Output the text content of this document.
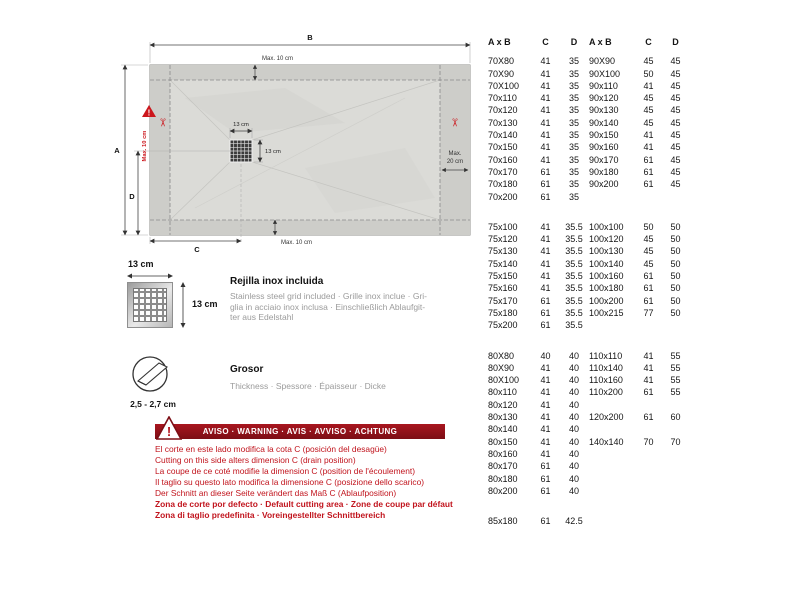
13 cm
13 cm
B
Max. 10 cm
A
D
C
Max. 10 cm
Max.
20 cm
!
Max. 10 cm
✂	✂
13 cm
13 cm
Rejilla inox incluida
Stainless steel grid included · Grille inox inclue · Gri-
glia in acciaio inox inclusa · Einschließlich Ablaufgit-
ter aus Edelstahl
2,5 - 2,7 cm
Grosor
Thickness · Spessore · Épaisseur · Dicke
AVISO · WARNING · AVIS · AVVISO · ACHTUNG
!
El corte en este lado modifica la cota C (posición del desagüe)
Cutting on this side alters dimension C (drain position)
La coupe de ce coté modifie la dimension C (position de l'écoulement)
Il taglio su questo lato modifica la dimensione C (posizione dello scarico)
Der Schnitt an dieser Seite verändert das Maß C (Ablaufposition)
Zona de corte por defecto · Default cutting area · Zone de coupe par défaut
Zona di taglio predefinita · Voreingestellter Schnittbereich
A x B	C	D	A x B	C	D
70X80	41	35	90X90	45	45
70X90	41	35	90X100	50	45
70X100	41	35	90x110	41	45
70x110	41	35	90x120	45	45
70x120	41	35	90x130	45	45
70x130	41	35	90x140	45	45
70x140	41	35	90x150	41	45
70x150	41	35	90x160	41	45
70x160	41	35	90x170	61	45
70x170	61	35	90x180	61	45
70x180	61	35	90x200	61	45
70x200	61	35
75x100	41	35.5 100x100	50	50
75x120	41	35.5 100x120	45	50
75x130	41	35.5 100x130	45	50
75x140	41	35.5 100x140	45	50
75x150	41	35.5 100x160	61	50
75x160	41	35.5 100x180	61	50
75x170	61	35.5 100x200	61	50
75x180	61	35.5 100x215	77	50
75x200	61	35.5
80X80	40	40	110x110	41	55
80X90	41	40	110x140	41	55
80X100	41	40	110x160	41	55
80x110	41	40	110x200	61	55
80x120	41	40
80x130	41	40	120x200	61	60
80x140	41	40
80x150	41	40	140x140	70	70
80x160	41	40
80x170	61	40
80x180	61	40
80x200	61	40
85x180	61	42.5
